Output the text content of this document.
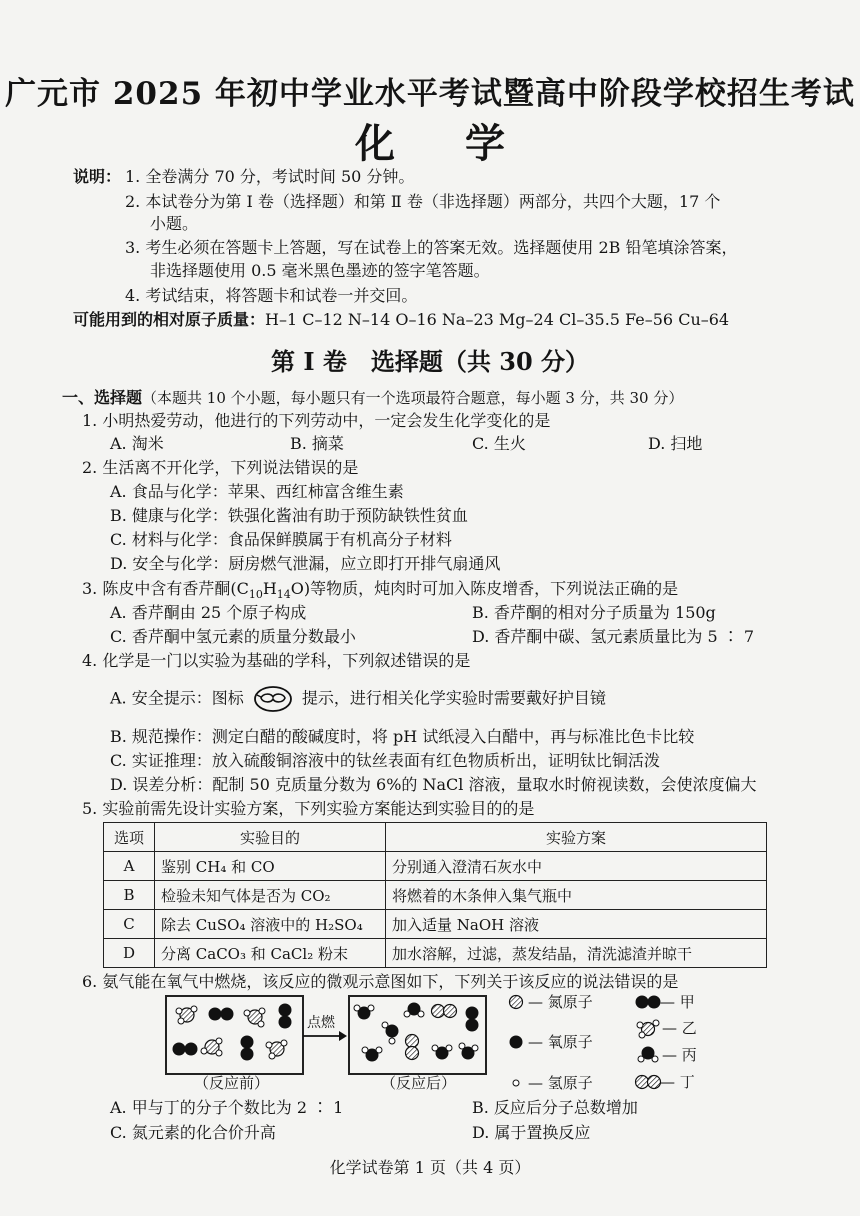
广元市 2025 年初中学业水平考试暨高中阶段学校招生考试
化学
说明： 1. 全卷满分 70 分，考试时间 50 分钟。
2. 本试卷分为第 Ⅰ 卷（选择题）和第 Ⅱ 卷（非选择题）两部分，共四个大题，17 个
小题。
3. 考生必须在答题卡上答题，写在试卷上的答案无效。选择题使用 2B 铅笔填涂答案，
非选择题使用 0.5 毫米黑色墨迹的签字笔答题。
4. 考试结束，将答题卡和试卷一并交回。
可能用到的相对原子质量：H–1 C–12 N–14 O–16 Na–23 Mg–24 Cl–35.5 Fe–56 Cu–64
第 Ⅰ 卷　选择题（共 30 分）
一、选择题（本题共 10 个小题，每小题只有一个选项最符合题意，每小题 3 分，共 30 分）
1. 小明热爱劳动，他进行的下列劳动中，一定会发生化学变化的是
A. 淘米	B. 摘菜	C. 生火	D. 扫地
2. 生活离不开化学，下列说法错误的是
A. 食品与化学：苹果、西红柿富含维生素
B. 健康与化学：铁强化酱油有助于预防缺铁性贫血
C. 材料与化学：食品保鲜膜属于有机高分子材料
D. 安全与化学：厨房燃气泄漏，应立即打开排气扇通风
3. 陈皮中含有香芹酮$(C_{10}H_{14}O)$等物质，炖肉时可加入陈皮增香，下列说法正确的是
A. 香芹酮由 25 个原子构成	B. 香芹酮的相对分子质量为 150g
C. 香芹酮中氢元素的质量分数最小	D. 香芹酮中碳、氢元素质量比为 5 ∶ 7
4. 化学是一门以实验为基础的学科，下列叙述错误的是
A. 安全提示：图标	提示，进行相关化学实验时需要戴好护目镜
B. 规范操作：测定白醋的酸碱度时，将 pH 试纸浸入白醋中，再与标准比色卡比较
C. 实证推理：放入硫酸铜溶液中的钛丝表面有红色物质析出，证明钛比铜活泼
D. 误差分析：配制 50 克质量分数为 6%的 NaCl 溶液，量取水时俯视读数，会使浓度偏大
5. 实验前需先设计实验方案，下列实验方案能达到实验目的的是
选项	实验目的	实验方案
A	鉴别 CH₄ 和 CO	分别通入澄清石灰水中
B	检验未知气体是否为 CO₂	将燃着的木条伸入集气瓶中
C	除去 CuSO₄ 溶液中的 H₂SO₄	加入适量 NaOH 溶液
D	分离 CaCO₃ 和 CaCl₂ 粉末	加水溶解，过滤，蒸发结晶，清洗滤渣并晾干
6. 氨气能在氧气中燃烧，该反应的微观示意图如下，下列关于该反应的说法错误的是
点燃
（反应前）	（反应后）
— 氮原子
— 氧原子
— 氢原子
— 甲
— 乙
— 丙
— 丁
A. 甲与丁的分子个数比为 2 ∶ 1	B. 反应后分子总数增加
C. 氮元素的化合价升高	D. 属于置换反应
化学试卷第 1 页（共 4 页）
